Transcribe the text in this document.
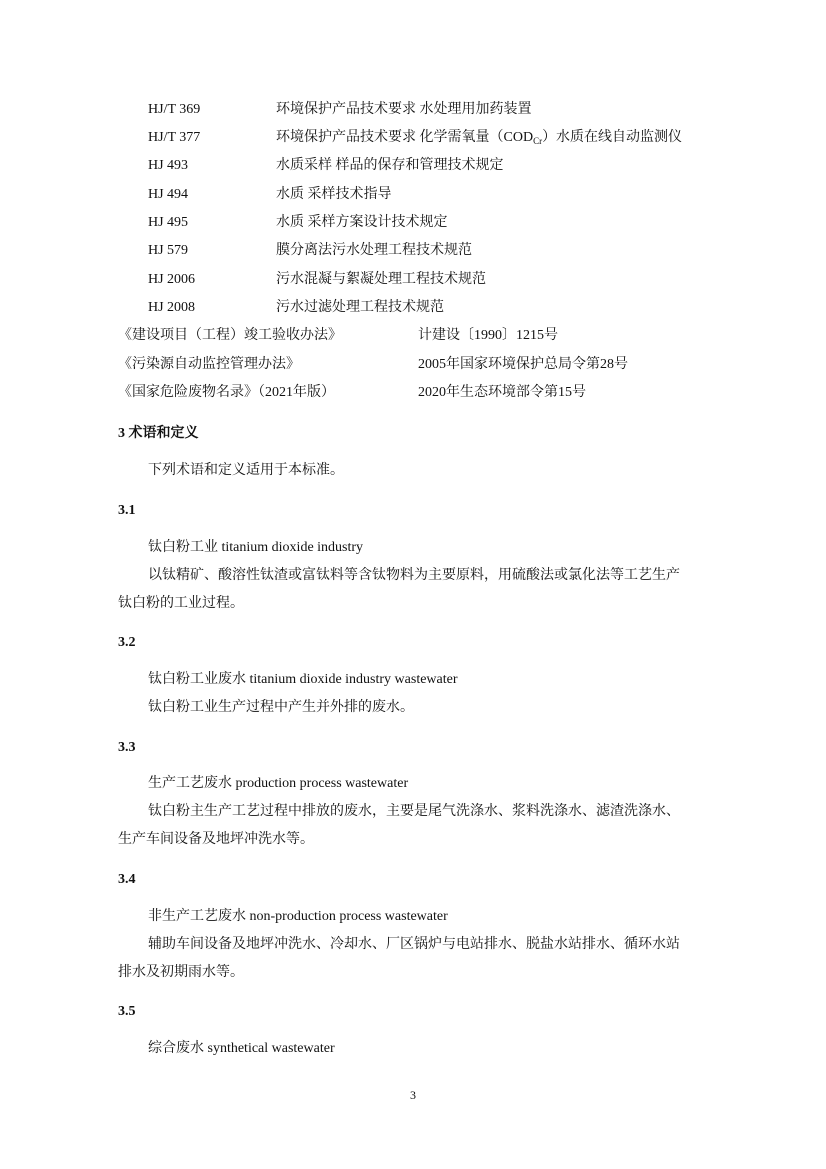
HJ/T 369	环境保护产品技术要求 水处理用加药装置
HJ/T 377	环境保护产品技术要求 化学需氧量$(COD_{Cr})$水质在线自动监测仪
HJ 493	水质采样 样品的保存和管理技术规定
HJ 494	水质 采样技术指导
HJ 495	水质 采样方案设计技术规定
HJ 579	膜分离法污水处理工程技术规范
HJ 2006	污水混凝与絮凝处理工程技术规范
HJ 2008	污水过滤处理工程技术规范
《建设项目（工程）竣工验收办法》	计建设〔1990〕1215号
《污染源自动监控管理办法》	2005年国家环境保护总局令第28号
《国家危险废物名录》（2021年版）	2020年生态环境部令第15号
3 术语和定义
下列术语和定义适用于本标准。
3.1
钛白粉工业 titanium dioxide industry
以钛精矿、酸溶性钛渣或富钛料等含钛物料为主要原料，用硫酸法或氯化法等工艺生产
钛白粉的工业过程。
3.2
钛白粉工业废水 titanium dioxide industry wastewater
钛白粉工业生产过程中产生并外排的废水。
3.3
生产工艺废水 production process wastewater
钛白粉主生产工艺过程中排放的废水，主要是尾气洗涤水、浆料洗涤水、滤渣洗涤水、
生产车间设备及地坪冲洗水等。
3.4
非生产工艺废水 non-production process wastewater
辅助车间设备及地坪冲洗水、冷却水、厂区锅炉与电站排水、脱盐水站排水、循环水站
排水及初期雨水等。
3.5
综合废水 synthetical wastewater
3
